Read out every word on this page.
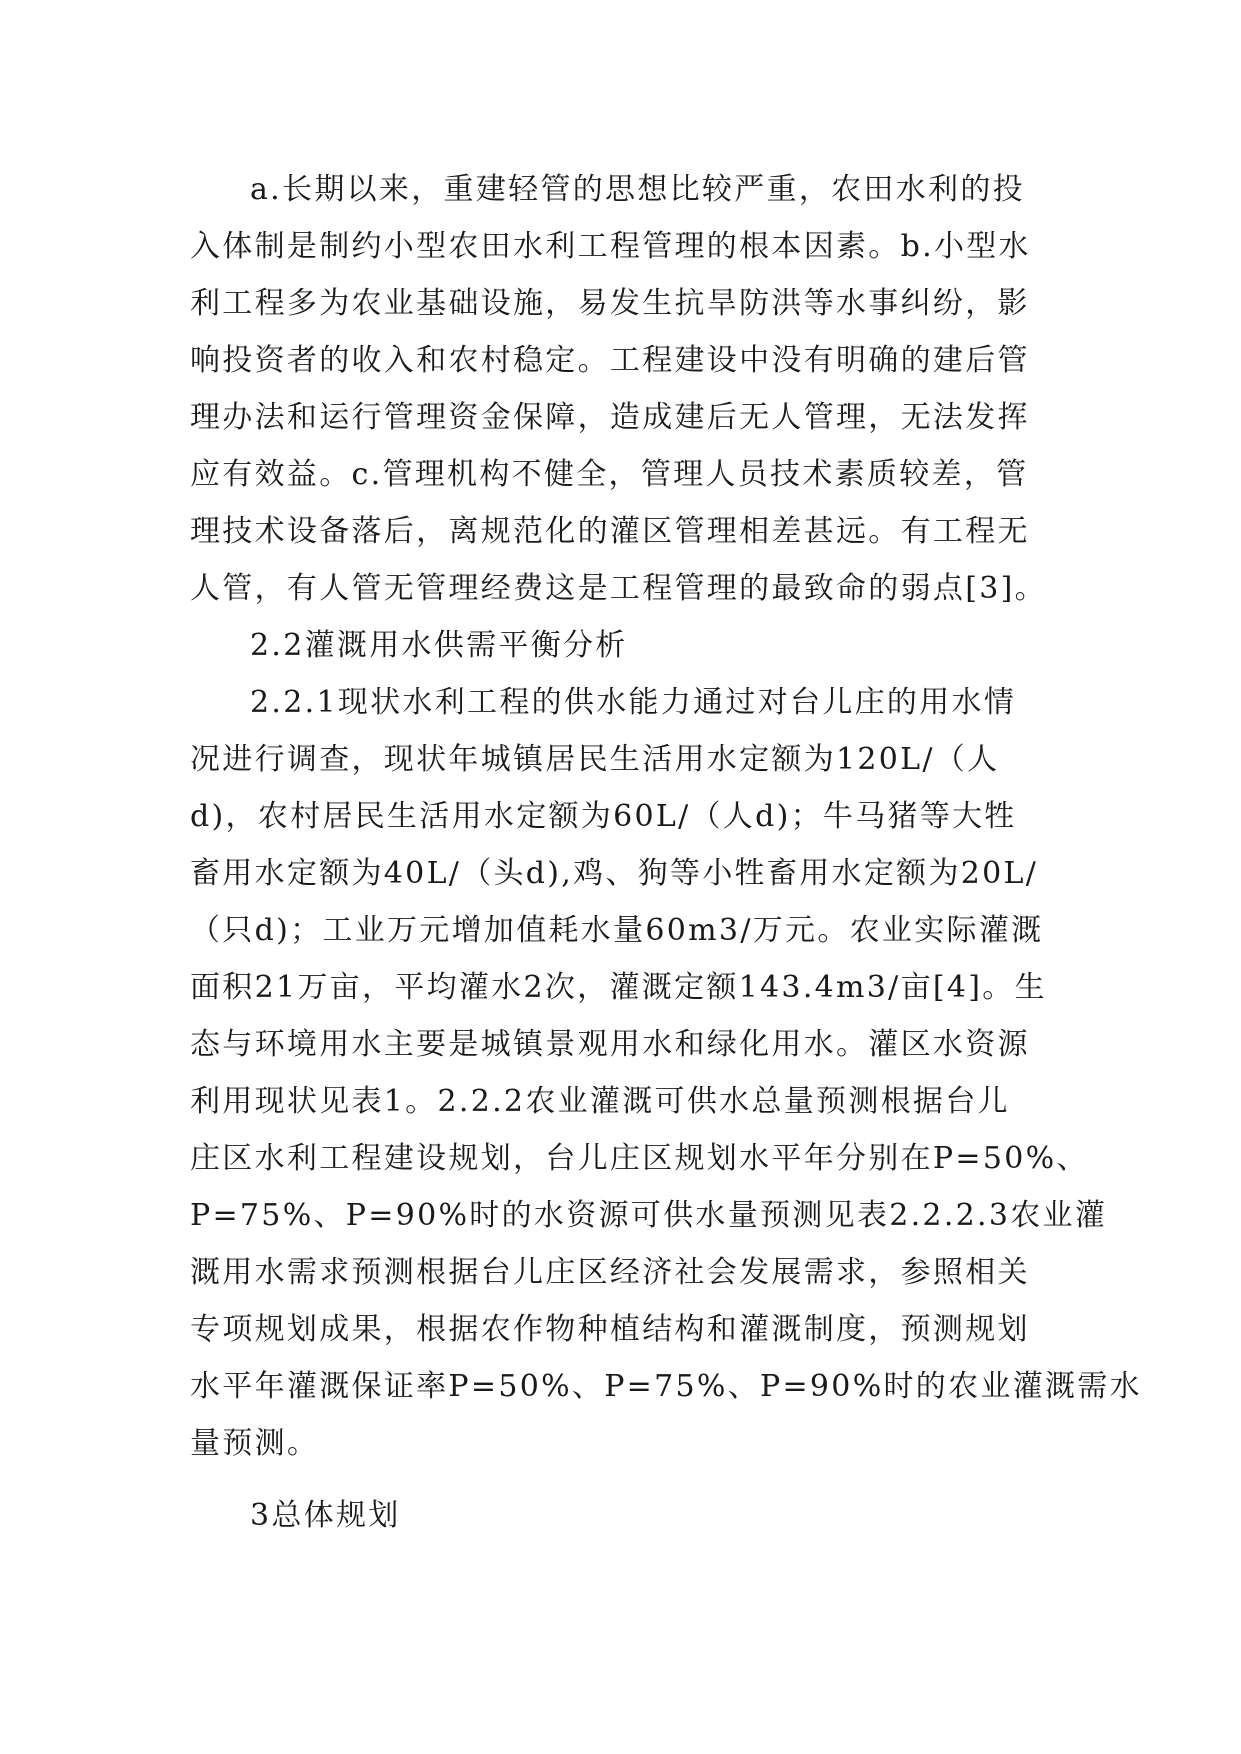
a.长期以来，重建轻管的思想比较严重，农田水利的投
入体制是制约小型农田水利工程管理的根本因素。b.小型水
利工程多为农业基础设施，易发生抗旱防洪等水事纠纷，影
响投资者的收入和农村稳定。工程建设中没有明确的建后管
理办法和运行管理资金保障，造成建后无人管理，无法发挥
应有效益。c.管理机构不健全，管理人员技术素质较差，管
理技术设备落后，离规范化的灌区管理相差甚远。有工程无
人管，有人管无管理经费这是工程管理的最致命的弱点[3]。
2.2灌溉用水供需平衡分析
2.2.1现状水利工程的供水能力通过对台儿庄的用水情
况进行调查，现状年城镇居民生活用水定额为120L/（人
d)，农村居民生活用水定额为60L/（人d)；牛马猪等大牲
畜用水定额为40L/（头d),鸡、狗等小牲畜用水定额为20L/
（只d)；工业万元增加值耗水量60m3/万元。农业实际灌溉
面积21万亩，平均灌水2次，灌溉定额143.4m3/亩[4]。生
态与环境用水主要是城镇景观用水和绿化用水。灌区水资源
利用现状见表1。2.2.2农业灌溉可供水总量预测根据台儿
庄区水利工程建设规划，台儿庄区规划水平年分别在P=50%、
P=75%、P=90%时的水资源可供水量预测见表2.2.2.3农业灌
溉用水需求预测根据台儿庄区经济社会发展需求，参照相关
专项规划成果，根据农作物种植结构和灌溉制度，预测规划
水平年灌溉保证率P=50%、P=75%、P=90%时的农业灌溉需水
量预测。
3总体规划
